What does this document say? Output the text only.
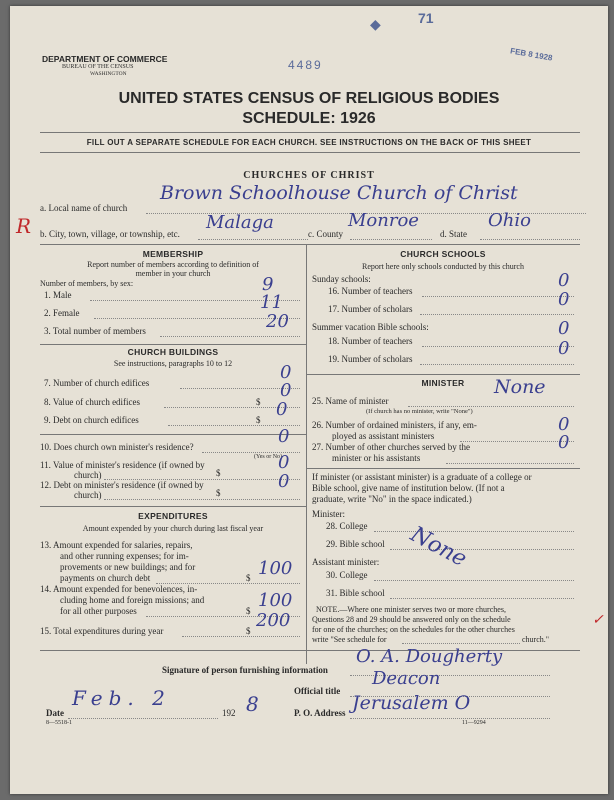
71
◆
4489
FEB 8 1928
DEPARTMENT OF COMMERCE
BUREAU OF THE CENSUS
WASHINGTON
UNITED STATES CENSUS OF RELIGIOUS BODIES
SCHEDULE: 1926
FILL OUT A SEPARATE SCHEDULE FOR EACH CHURCH. SEE INSTRUCTIONS ON THE BACK OF THIS SHEET
CHURCHES OF CHRIST
a. Local name of church
Brown Schoolhouse Church of Christ
R b. City, town, village, or township, etc.
Malaga
c. County
Monroe
d. State
Ohio
MEMBERSHIP
Report number of members according to definition of
member in your church
Number of members, by sex:
1. Male	9
2. Female	11
3. Total number of members	20
CHURCH BUILDINGS
See instructions, paragraphs 10 to 12
7. Number of church edifices	0
8. Value of church edifices	$
0
9. Debt on church edifices	$ 0
10. Does church own minister's residence?	0
(Yes or No)
11. Value of minister's residence (if owned by
church)	$	0
12. Debt on minister's residence (if owned by
church)	$
0
EXPENDITURES
Amount expended by your church during last fiscal year
13. Amount expended for salaries, repairs,
and other running expenses; for im-
provements or new buildings; and for
payments on church debt	$ 100
14. Amount expended for benevolences, in-
cluding home and foreign missions; and
for all other purposes	$ 100
15. Total expenditures during year	$ 200
CHURCH SCHOOLS
Report here only schools conducted by this church
Sunday schools:
16. Number of teachers	0
17. Number of scholars	0
Summer vacation Bible schools:
18. Number of teachers
0
19. Number of scholars	0
MINISTER
25. Name of minister
None
(If church has no minister, write "None")
26. Number of ordained ministers, if any, em-
ployed as assistant ministers
0
27. Number of other churches served by the
minister or his assistants
0
If minister (or assistant minister) is a graduate of a college or
Bible school, give name of institution below. (If not a
graduate, write "No" in the space indicated.)
Minister:
28. College
29. Bible school None
Assistant minister:
30. College
31. Bible school
NOTE.—Where one minister serves two or more churches,
Questions 28 and 29 should be answered only on the schedule
for one of the churches; on the schedules for the other churches
write "See schedule for	church."
✓
Signature of person furnishing information
O. A. Dougherty
Official title
Deacon
Date
Feb. 2
192 8	P. O. Address Jerusalem O
8—5518-1	11—9294
